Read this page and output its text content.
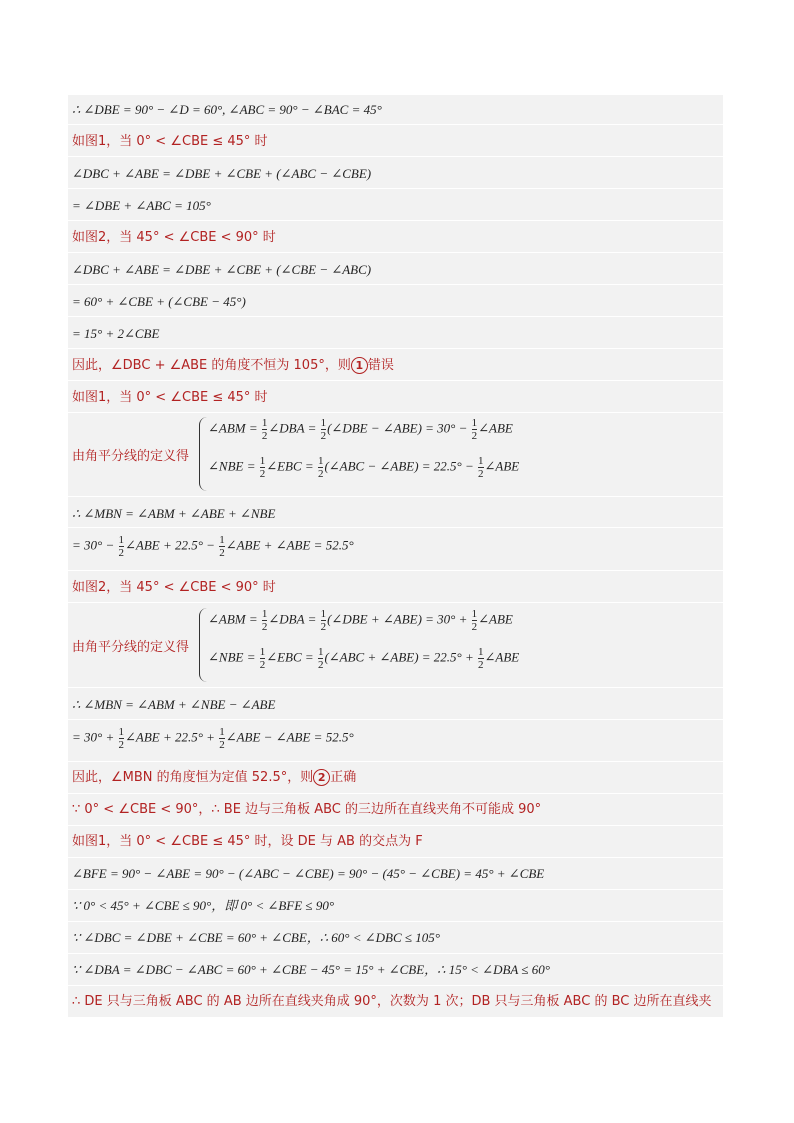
∴ ∠DBE = 90° − ∠D = 60°, ∠ABC = 90° − ∠BAC = 45°
如图1，当 0° < ∠CBE ≤ 45° 时
∠DBC + ∠ABE = ∠DBE + ∠CBE + (∠ABC − ∠CBE)
= ∠DBE + ∠ABC = 105°
如图2，当 45° < ∠CBE < 90° 时
∠DBC + ∠ABE = ∠DBE + ∠CBE + (∠CBE − ∠ABC)
= 60° + ∠CBE + (∠CBE − 45°)
= 15° + 2∠CBE
因此，∠DBC + ∠ABE 的角度不恒为 105°，则 1 错误
如图1，当 0° < ∠CBE ≤ 45° 时
由角平分线的定义得
∠ABM = $\frac{1}{2}$ ∠DBA = $\frac{1}{2}$ (∠DBE − ∠ABE) = $30^\circ - \frac{1}{2}$ ∠ABE
∠NBE = $\frac{1}{2}$ ∠EBC = $\frac{1}{2}$ (∠ABC − ∠ABE) = $22.5^\circ - \frac{1}{2}$ ∠ABE
∴ ∠MBN = ∠ABM + ∠ABE + ∠NBE
= $30^\circ - \frac{1}{2}$ ∠ABE + $22.5^\circ - \frac{1}{2}$ ∠ABE + ∠ABE = 52.5°
如图2，当 45° < ∠CBE < 90° 时
由角平分线的定义得
∠ABM = $\frac{1}{2}$ ∠DBA = $\frac{1}{2}$ (∠DBE + ∠ABE) = $30^\circ + \frac{1}{2}$ ∠ABE
∠NBE = $\frac{1}{2}$ ∠EBC = $\frac{1}{2}$ (∠ABC + ∠ABE) = $22.5^\circ + \frac{1}{2}$ ∠ABE
∴ ∠MBN = ∠ABM + ∠NBE − ∠ABE
= $30^\circ + \frac{1}{2}$ ∠ABE + $22.5^\circ + \frac{1}{2}$ ∠ABE − ∠ABE = 52.5°
因此，∠MBN 的角度恒为定值 52.5°，则 2 正确
∵ 0° < ∠CBE < 90°，∴ BE 边与三角板 ABC 的三边所在直线夹角不可能成 90°
如图1，当 0° < ∠CBE ≤ 45° 时，设 DE 与 AB 的交点为 F
∠BFE = 90° − ∠ABE = 90° − (∠ABC − ∠CBE) = 90° − (45° − ∠CBE) = 45° + ∠CBE
∵ 0° < 45° + ∠CBE ≤ 90°，即 0° < ∠BFE ≤ 90°
∵ ∠DBC = ∠DBE + ∠CBE = 60° + ∠CBE，∴ 60° < ∠DBC ≤ 105°
∵ ∠DBA = ∠DBC − ∠ABC = 60° + ∠CBE − 45° = 15° + ∠CBE，∴ 15° < ∠DBA ≤ 60°
∴ DE 只与三角板 ABC 的 AB 边所在直线夹角成 90°，次数为 1 次；DB 只与三角板 ABC 的 BC 边所在直线夹
